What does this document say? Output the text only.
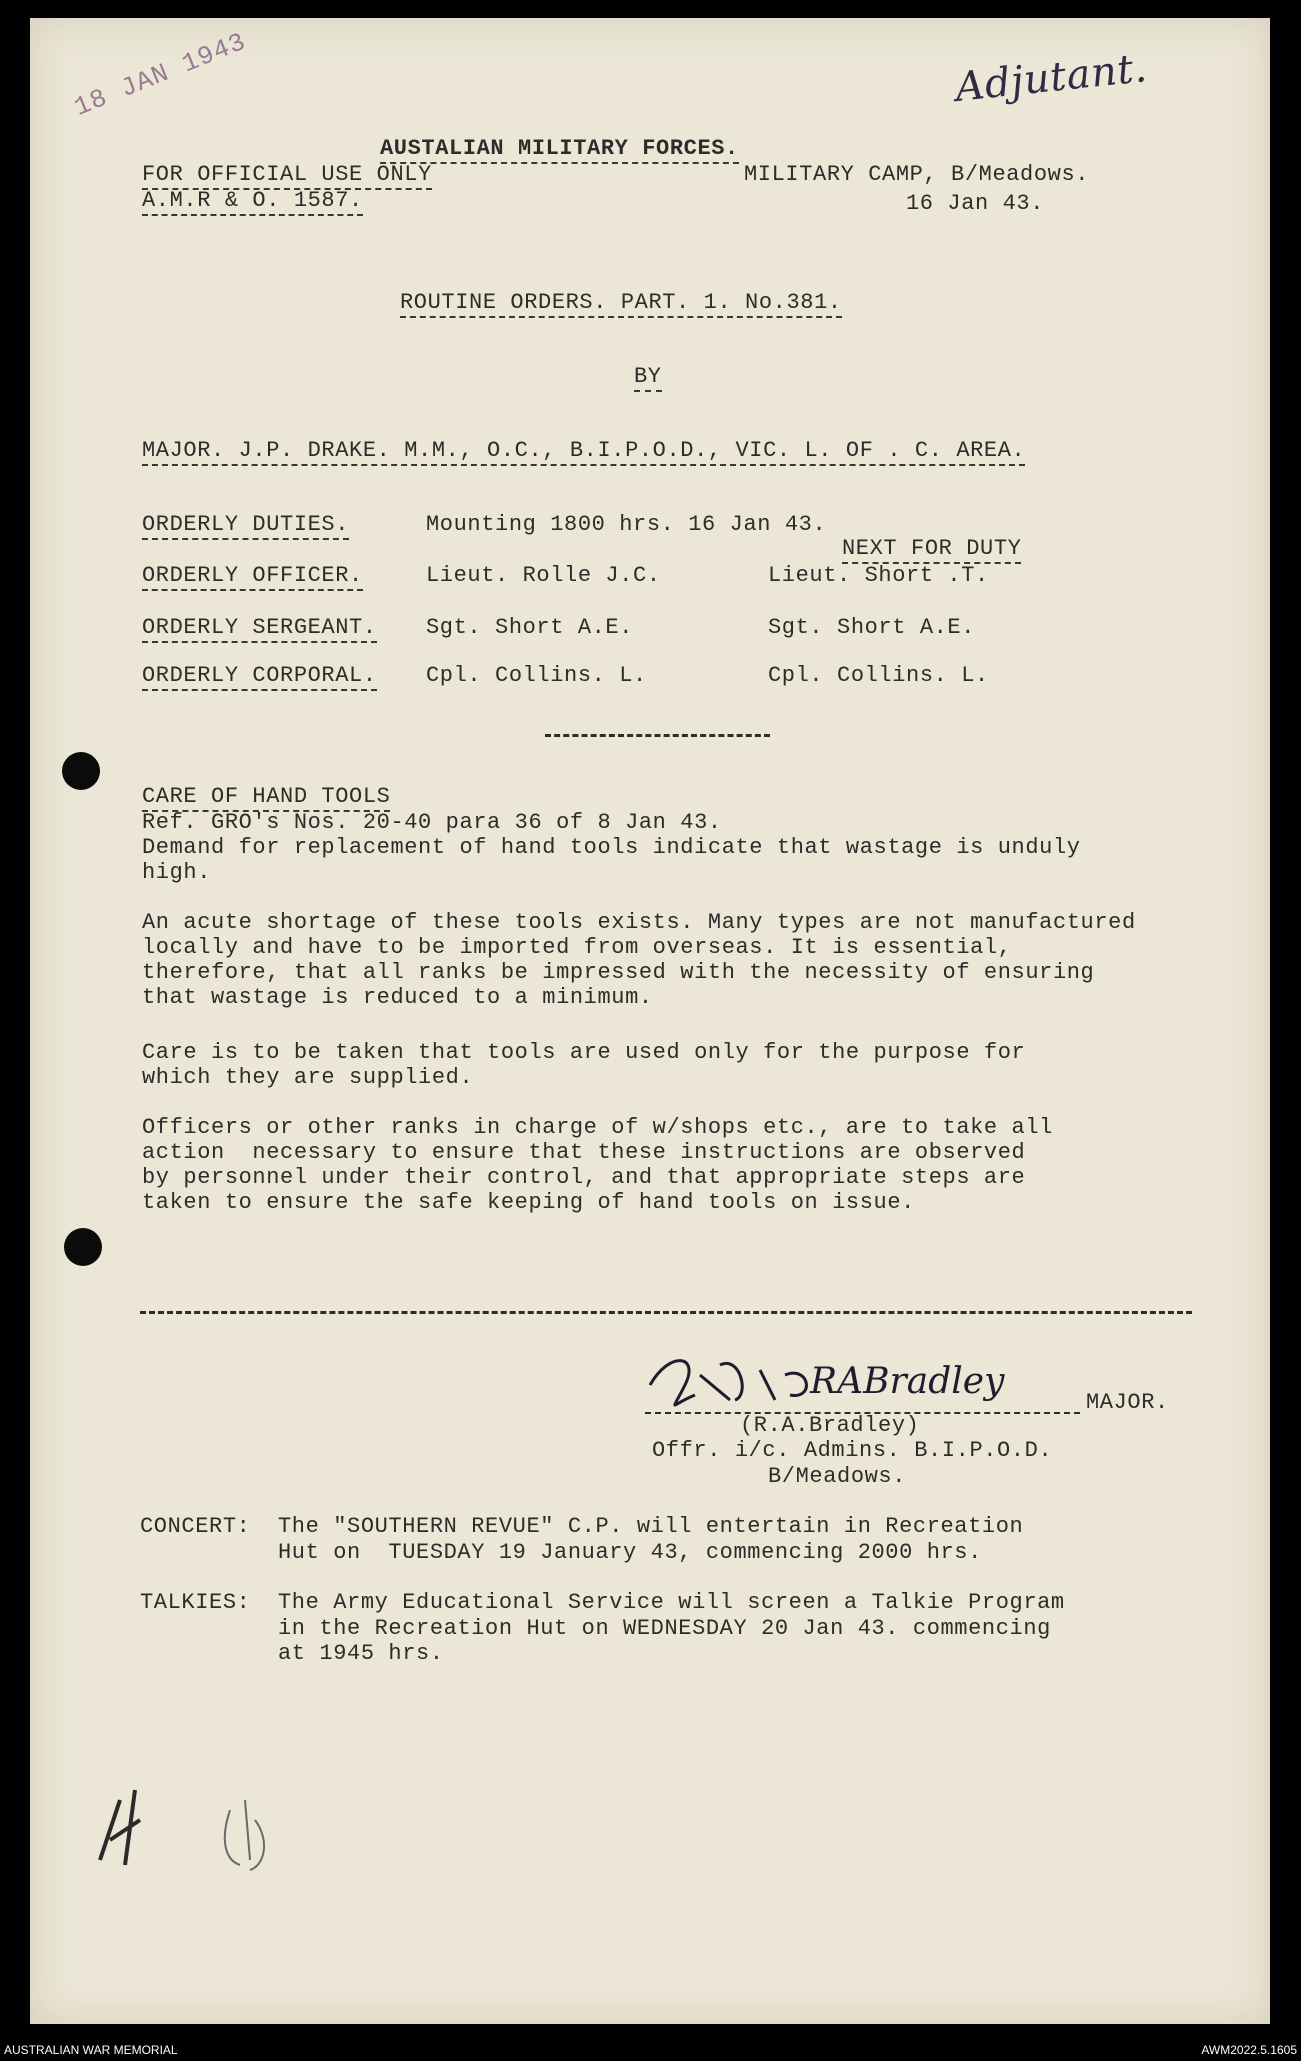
18 JAN 1943	Adjutant.
AUSTALIAN MILITARY FORCES.
FOR OFFICIAL USE ONLY
A.M.R & O. 1587.
MILITARY CAMP, B/Meadows.
16 Jan 43.
ROUTINE ORDERS. PART. 1. No.381.
BY
MAJOR. J.P. DRAKE. M.M., O.C., B.I.P.O.D., VIC. L. OF . C. AREA.
ORDERLY DUTIES.	Mounting 1800 hrs. 16 Jan 43.
NEXT FOR DUTY
ORDERLY OFFICER.	Lieut. Rolle J.C.	Lieut. Short .T.
ORDERLY SERGEANT. Sgt. Short A.E.	Sgt. Short A.E.
ORDERLY CORPORAL. Cpl. Collins. L.	Cpl. Collins. L.
CARE OF HAND TOOLS
Ref. GRO's Nos. 20-40 para 36 of 8 Jan 43.
Demand for replacement of hand tools indicate that wastage is unduly
high.
An acute shortage of these tools exists. Many types are not manufactured
locally and have to be imported from overseas. It is essential,
therefore, that all ranks be impressed with the necessity of ensuring
that wastage is reduced to a minimum.
Care is to be taken that tools are used only for the purpose for
which they are supplied.
Officers or other ranks in charge of w/shops etc., are to take all
action  necessary to ensure that these instructions are observed
by personnel under their control, and that appropriate steps are
taken to ensure the safe keeping of hand tools on issue.
RABradley
MAJOR.
(R.A.Bradley)
Offr. i/c. Admins. B.I.P.O.D.
B/Meadows.
CONCERT: The "SOUTHERN REVUE" C.P. will entertain in Recreation
Hut on  TUESDAY 19 January 43, commencing 2000 hrs.
TALKIES: The Army Educational Service will screen a Talkie Program
in the Recreation Hut on WEDNESDAY 20 Jan 43. commencing
at 1945 hrs.
AUSTRALIAN WAR MEMORIAL	AWM2022.5.1605
